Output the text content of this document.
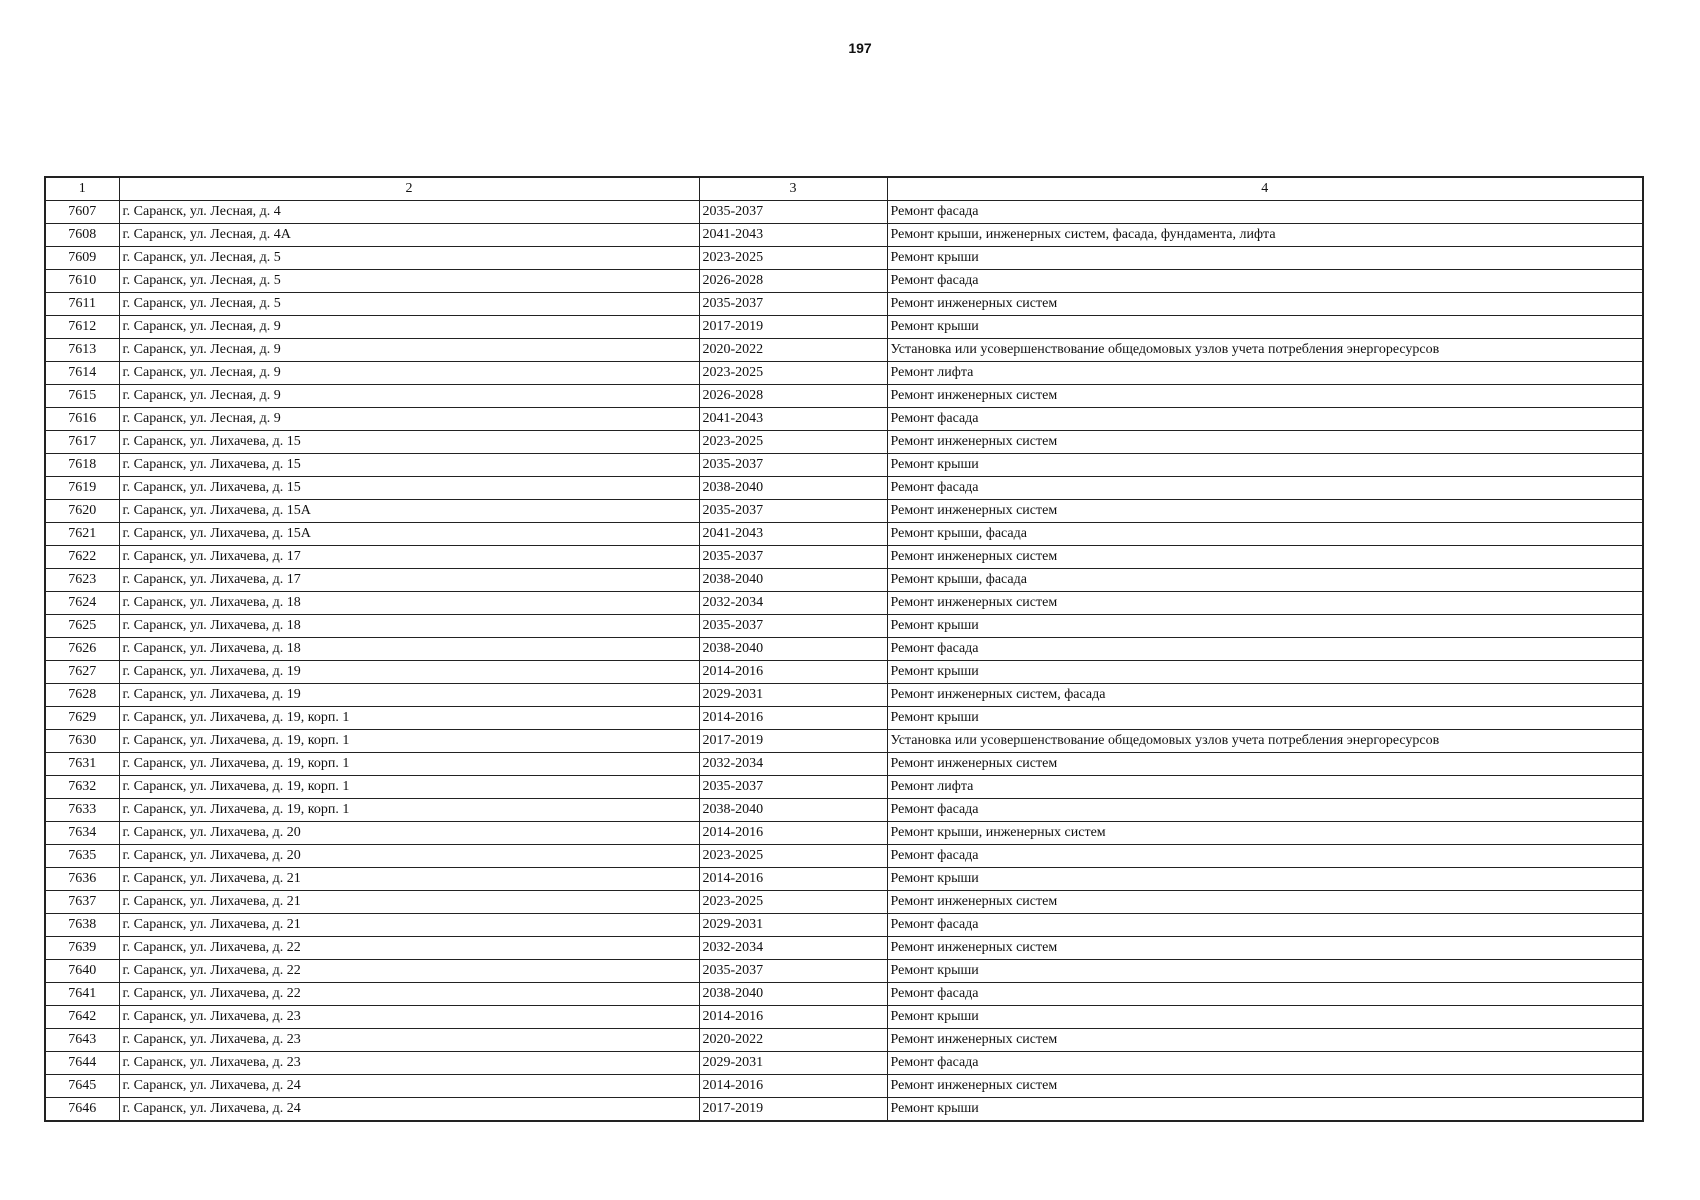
197
1	2	3	4
7607	г. Саранск, ул. Лесная, д. 4	2035-2037	Ремонт фасада
7608	г. Саранск, ул. Лесная, д. 4А	2041-2043	Ремонт крыши, инженерных систем, фасада, фундамента, лифта
7609	г. Саранск, ул. Лесная, д. 5	2023-2025	Ремонт крыши
7610	г. Саранск, ул. Лесная, д. 5	2026-2028	Ремонт фасада
7611	г. Саранск, ул. Лесная, д. 5	2035-2037	Ремонт инженерных систем
7612	г. Саранск, ул. Лесная, д. 9	2017-2019	Ремонт крыши
7613	г. Саранск, ул. Лесная, д. 9	2020-2022	Установка или усовершенствование общедомовых узлов учета потребления энергоресурсов
7614	г. Саранск, ул. Лесная, д. 9	2023-2025	Ремонт лифта
7615	г. Саранск, ул. Лесная, д. 9	2026-2028	Ремонт инженерных систем
7616	г. Саранск, ул. Лесная, д. 9	2041-2043	Ремонт фасада
7617	г. Саранск, ул. Лихачева, д. 15	2023-2025	Ремонт инженерных систем
7618	г. Саранск, ул. Лихачева, д. 15	2035-2037	Ремонт крыши
7619	г. Саранск, ул. Лихачева, д. 15	2038-2040	Ремонт фасада
7620	г. Саранск, ул. Лихачева, д. 15А	2035-2037	Ремонт инженерных систем
7621	г. Саранск, ул. Лихачева, д. 15А	2041-2043	Ремонт крыши, фасада
7622	г. Саранск, ул. Лихачева, д. 17	2035-2037	Ремонт инженерных систем
7623	г. Саранск, ул. Лихачева, д. 17	2038-2040	Ремонт крыши, фасада
7624	г. Саранск, ул. Лихачева, д. 18	2032-2034	Ремонт инженерных систем
7625	г. Саранск, ул. Лихачева, д. 18	2035-2037	Ремонт крыши
7626	г. Саранск, ул. Лихачева, д. 18	2038-2040	Ремонт фасада
7627	г. Саранск, ул. Лихачева, д. 19	2014-2016	Ремонт крыши
7628	г. Саранск, ул. Лихачева, д. 19	2029-2031	Ремонт инженерных систем, фасада
7629	г. Саранск, ул. Лихачева, д. 19, корп. 1	2014-2016	Ремонт крыши
7630	г. Саранск, ул. Лихачева, д. 19, корп. 1	2017-2019	Установка или усовершенствование общедомовых узлов учета потребления энергоресурсов
7631	г. Саранск, ул. Лихачева, д. 19, корп. 1	2032-2034	Ремонт инженерных систем
7632	г. Саранск, ул. Лихачева, д. 19, корп. 1	2035-2037	Ремонт лифта
7633	г. Саранск, ул. Лихачева, д. 19, корп. 1	2038-2040	Ремонт фасада
7634	г. Саранск, ул. Лихачева, д. 20	2014-2016	Ремонт крыши, инженерных систем
7635	г. Саранск, ул. Лихачева, д. 20	2023-2025	Ремонт фасада
7636	г. Саранск, ул. Лихачева, д. 21	2014-2016	Ремонт крыши
7637	г. Саранск, ул. Лихачева, д. 21	2023-2025	Ремонт инженерных систем
7638	г. Саранск, ул. Лихачева, д. 21	2029-2031	Ремонт фасада
7639	г. Саранск, ул. Лихачева, д. 22	2032-2034	Ремонт инженерных систем
7640	г. Саранск, ул. Лихачева, д. 22	2035-2037	Ремонт крыши
7641	г. Саранск, ул. Лихачева, д. 22	2038-2040	Ремонт фасада
7642	г. Саранск, ул. Лихачева, д. 23	2014-2016	Ремонт крыши
7643	г. Саранск, ул. Лихачева, д. 23	2020-2022	Ремонт инженерных систем
7644	г. Саранск, ул. Лихачева, д. 23	2029-2031	Ремонт фасада
7645	г. Саранск, ул. Лихачева, д. 24	2014-2016	Ремонт инженерных систем
7646	г. Саранск, ул. Лихачева, д. 24	2017-2019	Ремонт крыши
